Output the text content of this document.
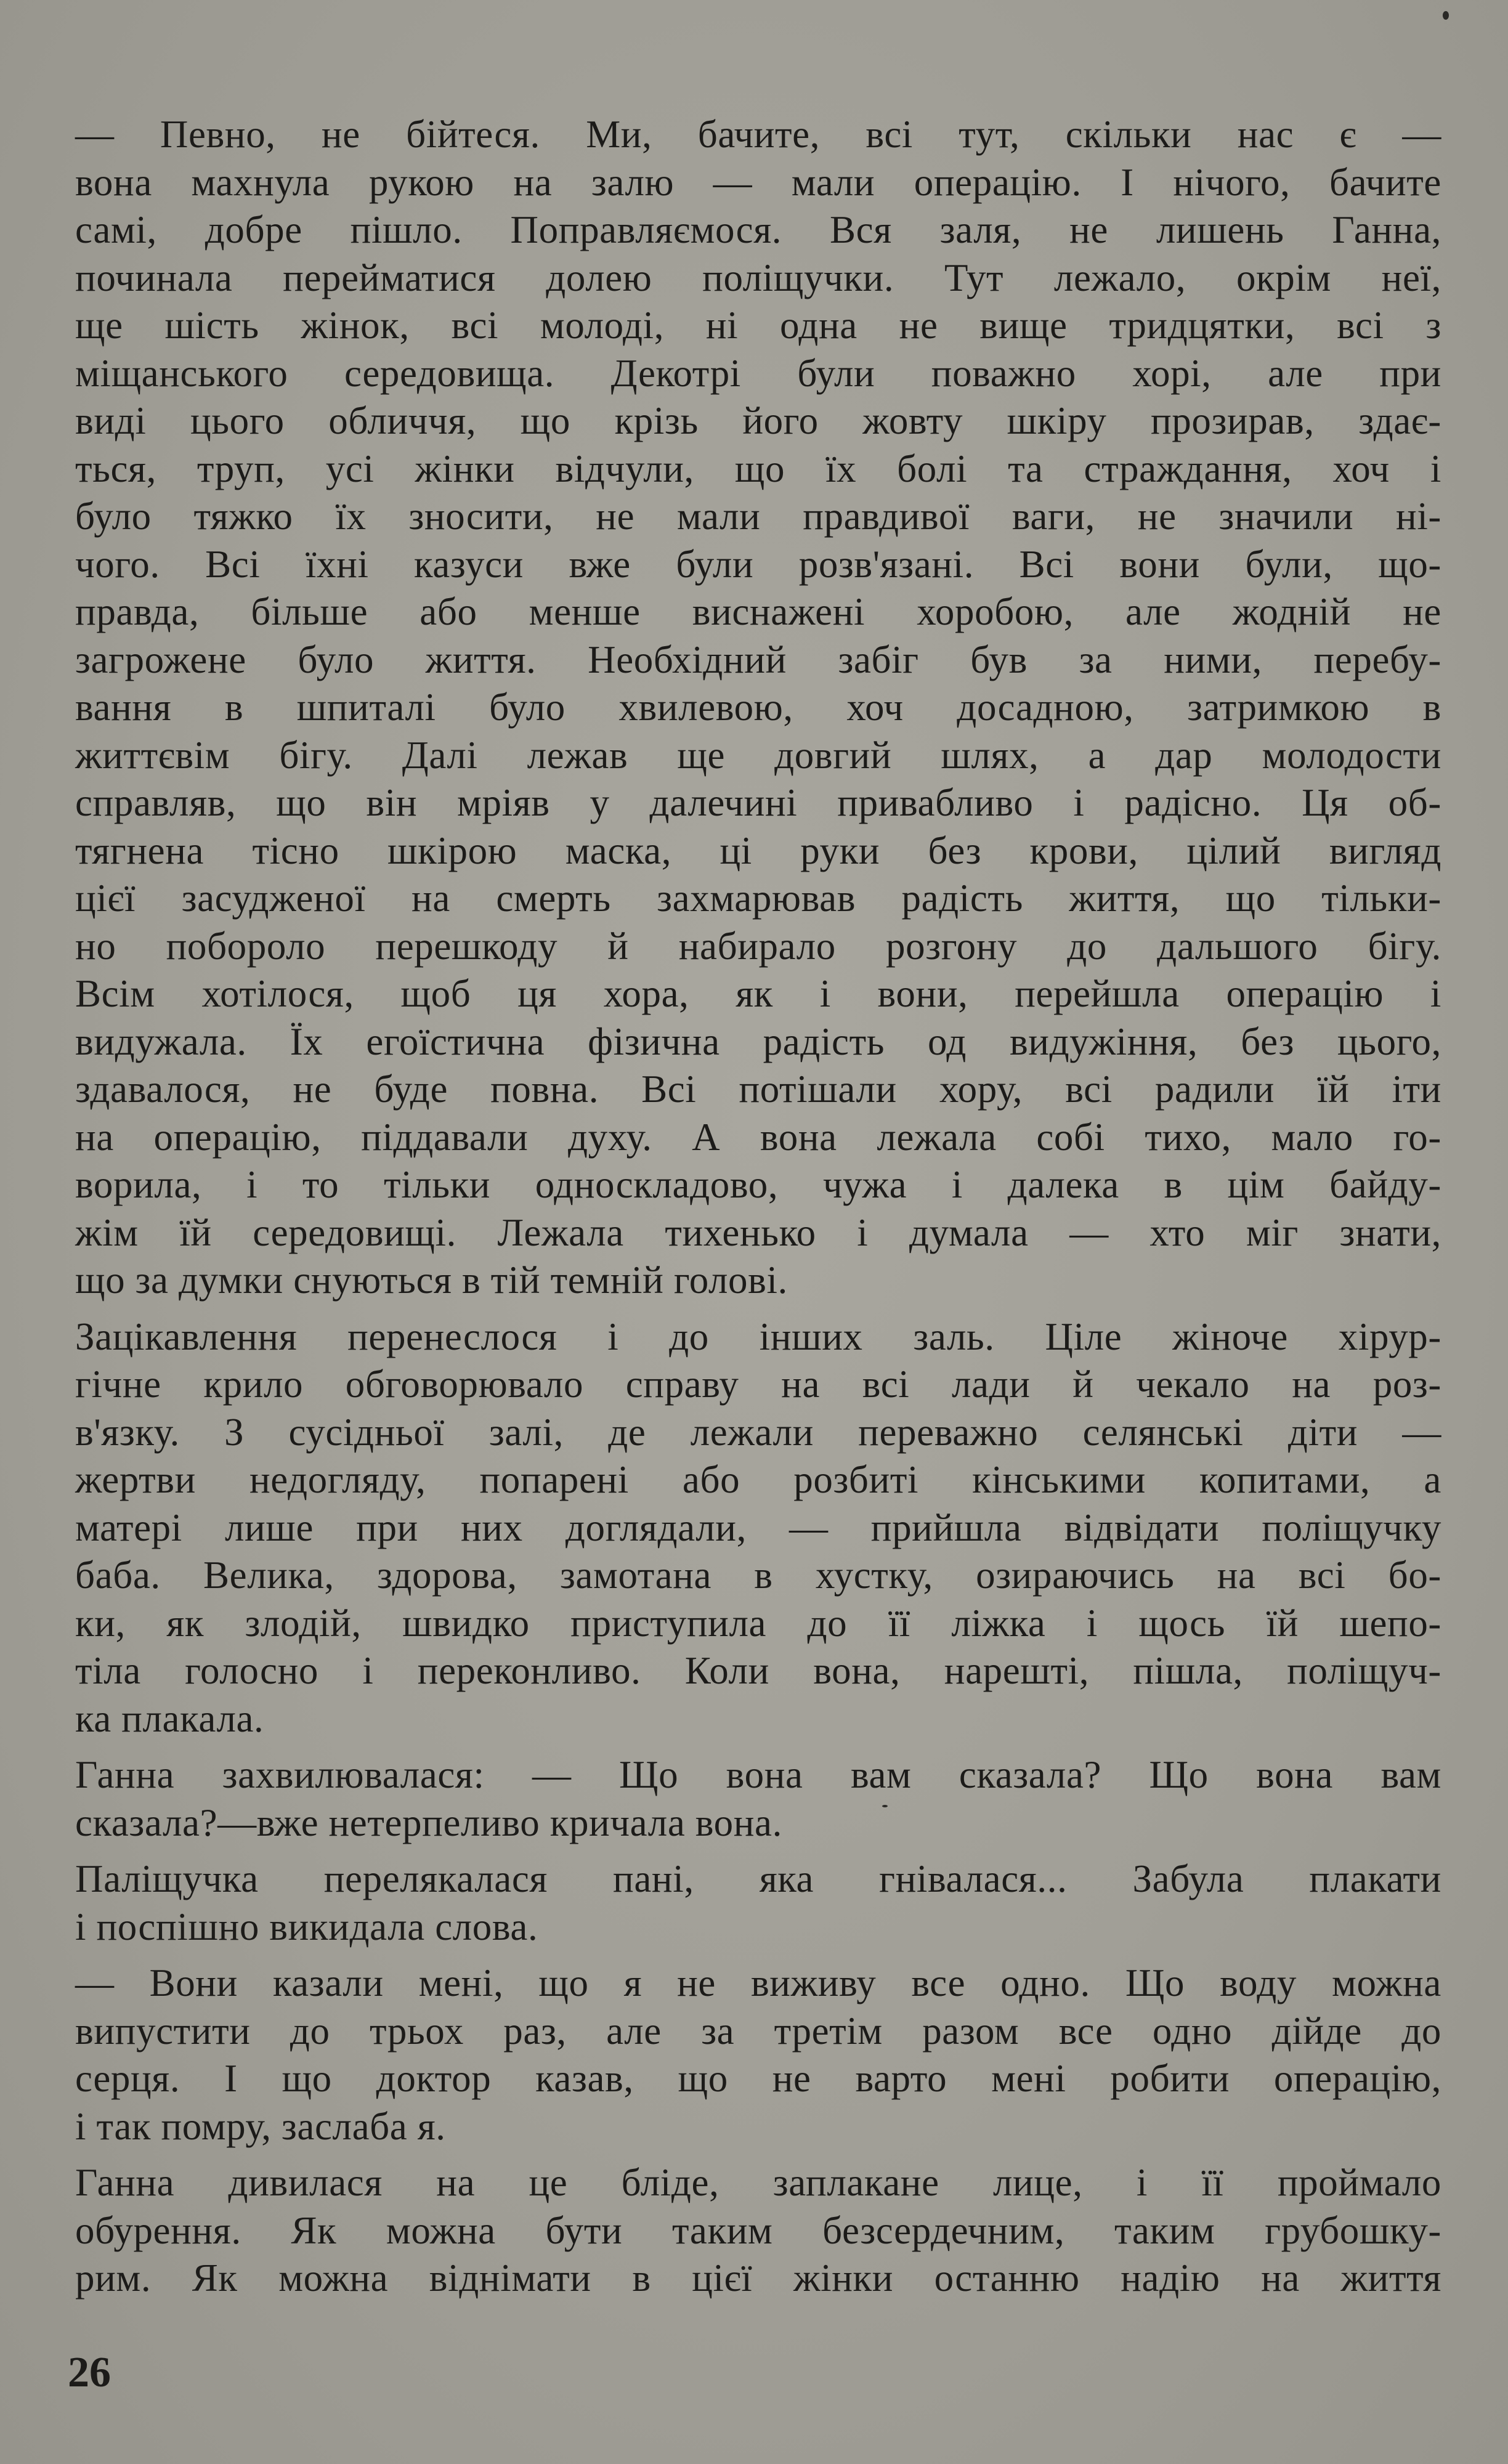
— Певно, не бійтеся. Ми, бачите, всі тут, скільки нас є —
вона махнула рукою на залю — мали операцію. І нічого, бачите
самі, добре пішло. Поправляємося. Вся заля, не лишень Ганна,
починала перейматися долею поліщучки. Тут лежало, окрім неї,
ще шість жінок, всі молоді, ні одна не вище тридцятки, всі з
міщанського середовища. Декотрі були поважно хорі, але при
виді цього обличчя, що крізь його жовту шкіру прозирав, здає-
ться, труп, усі жінки відчули, що їх болі та страждання, хоч і
було тяжко їх зносити, не мали правдивої ваги, не значили ні-
чого. Всі їхні казуси вже були розв'язані. Всі вони були, що-
правда, більше або менше виснажені хоробою, але жодній не
загрожене було життя. Необхідний забіг був за ними, перебу-
вання в шпиталі було хвилевою, хоч досадною, затримкою в
життєвім бігу. Далі лежав ще довгий шлях, а дар молодости
справляв, що він мріяв у далечині привабливо і радісно. Ця об-
тягнена тісно шкірою маска, ці руки без крови, цілий вигляд
цієї засудженої на смерть захмарював радість життя, що тільки-
но побороло перешкоду й набирало розгону до дальшого бігу.
Всім хотілося, щоб ця хора, як і вони, перейшла операцію і
видужала. Їх егоїстична фізична радість од видужіння, без цього,
здавалося, не буде повна. Всі потішали хору, всі радили їй іти
на операцію, піддавали духу. А вона лежала собі тихо, мало го-
ворила, і то тільки односкладово, чужа і далека в цім байду-
жім їй середовищі. Лежала тихенько і думала — хто міг знати,
що за думки снуються в тій темній голові.
Зацікавлення перенеслося і до інших заль. Ціле жіноче хірур-
гічне крило обговорювало справу на всі лади й чекало на роз-
в'язку. З сусідньої залі, де лежали переважно селянські діти —
жертви недогляду, попарені або розбиті кінськими копитами, а
матері лише при них доглядали, — прийшла відвідати поліщучку
баба. Велика, здорова, замотана в хустку, озираючись на всі бо-
ки, як злодій, швидко приступила до її ліжка і щось їй шепо-
тіла голосно і переконливо. Коли вона, нарешті, пішла, поліщуч-
ка плакала.
Ганна захвилювалася: — Що вона вам сказала? Що вона вам
сказала?—вже нетерпеливо кричала вона.
Паліщучка перелякалася пані, яка гнівалася... Забула плакати
і поспішно викидала слова.
— Вони казали мені, що я не виживу все одно. Що воду можна
випустити до трьох раз, але за третім разом все одно дійде до
серця. І що доктор казав, що не варто мені робити операцію,
і так помру, заслаба я.
Ганна дивилася на це бліде, заплакане лице, і її проймало
обурення. Як можна бути таким безсердечним, таким грубошку-
рим. Як можна віднімати в цієї жінки останню надію на життя
26
